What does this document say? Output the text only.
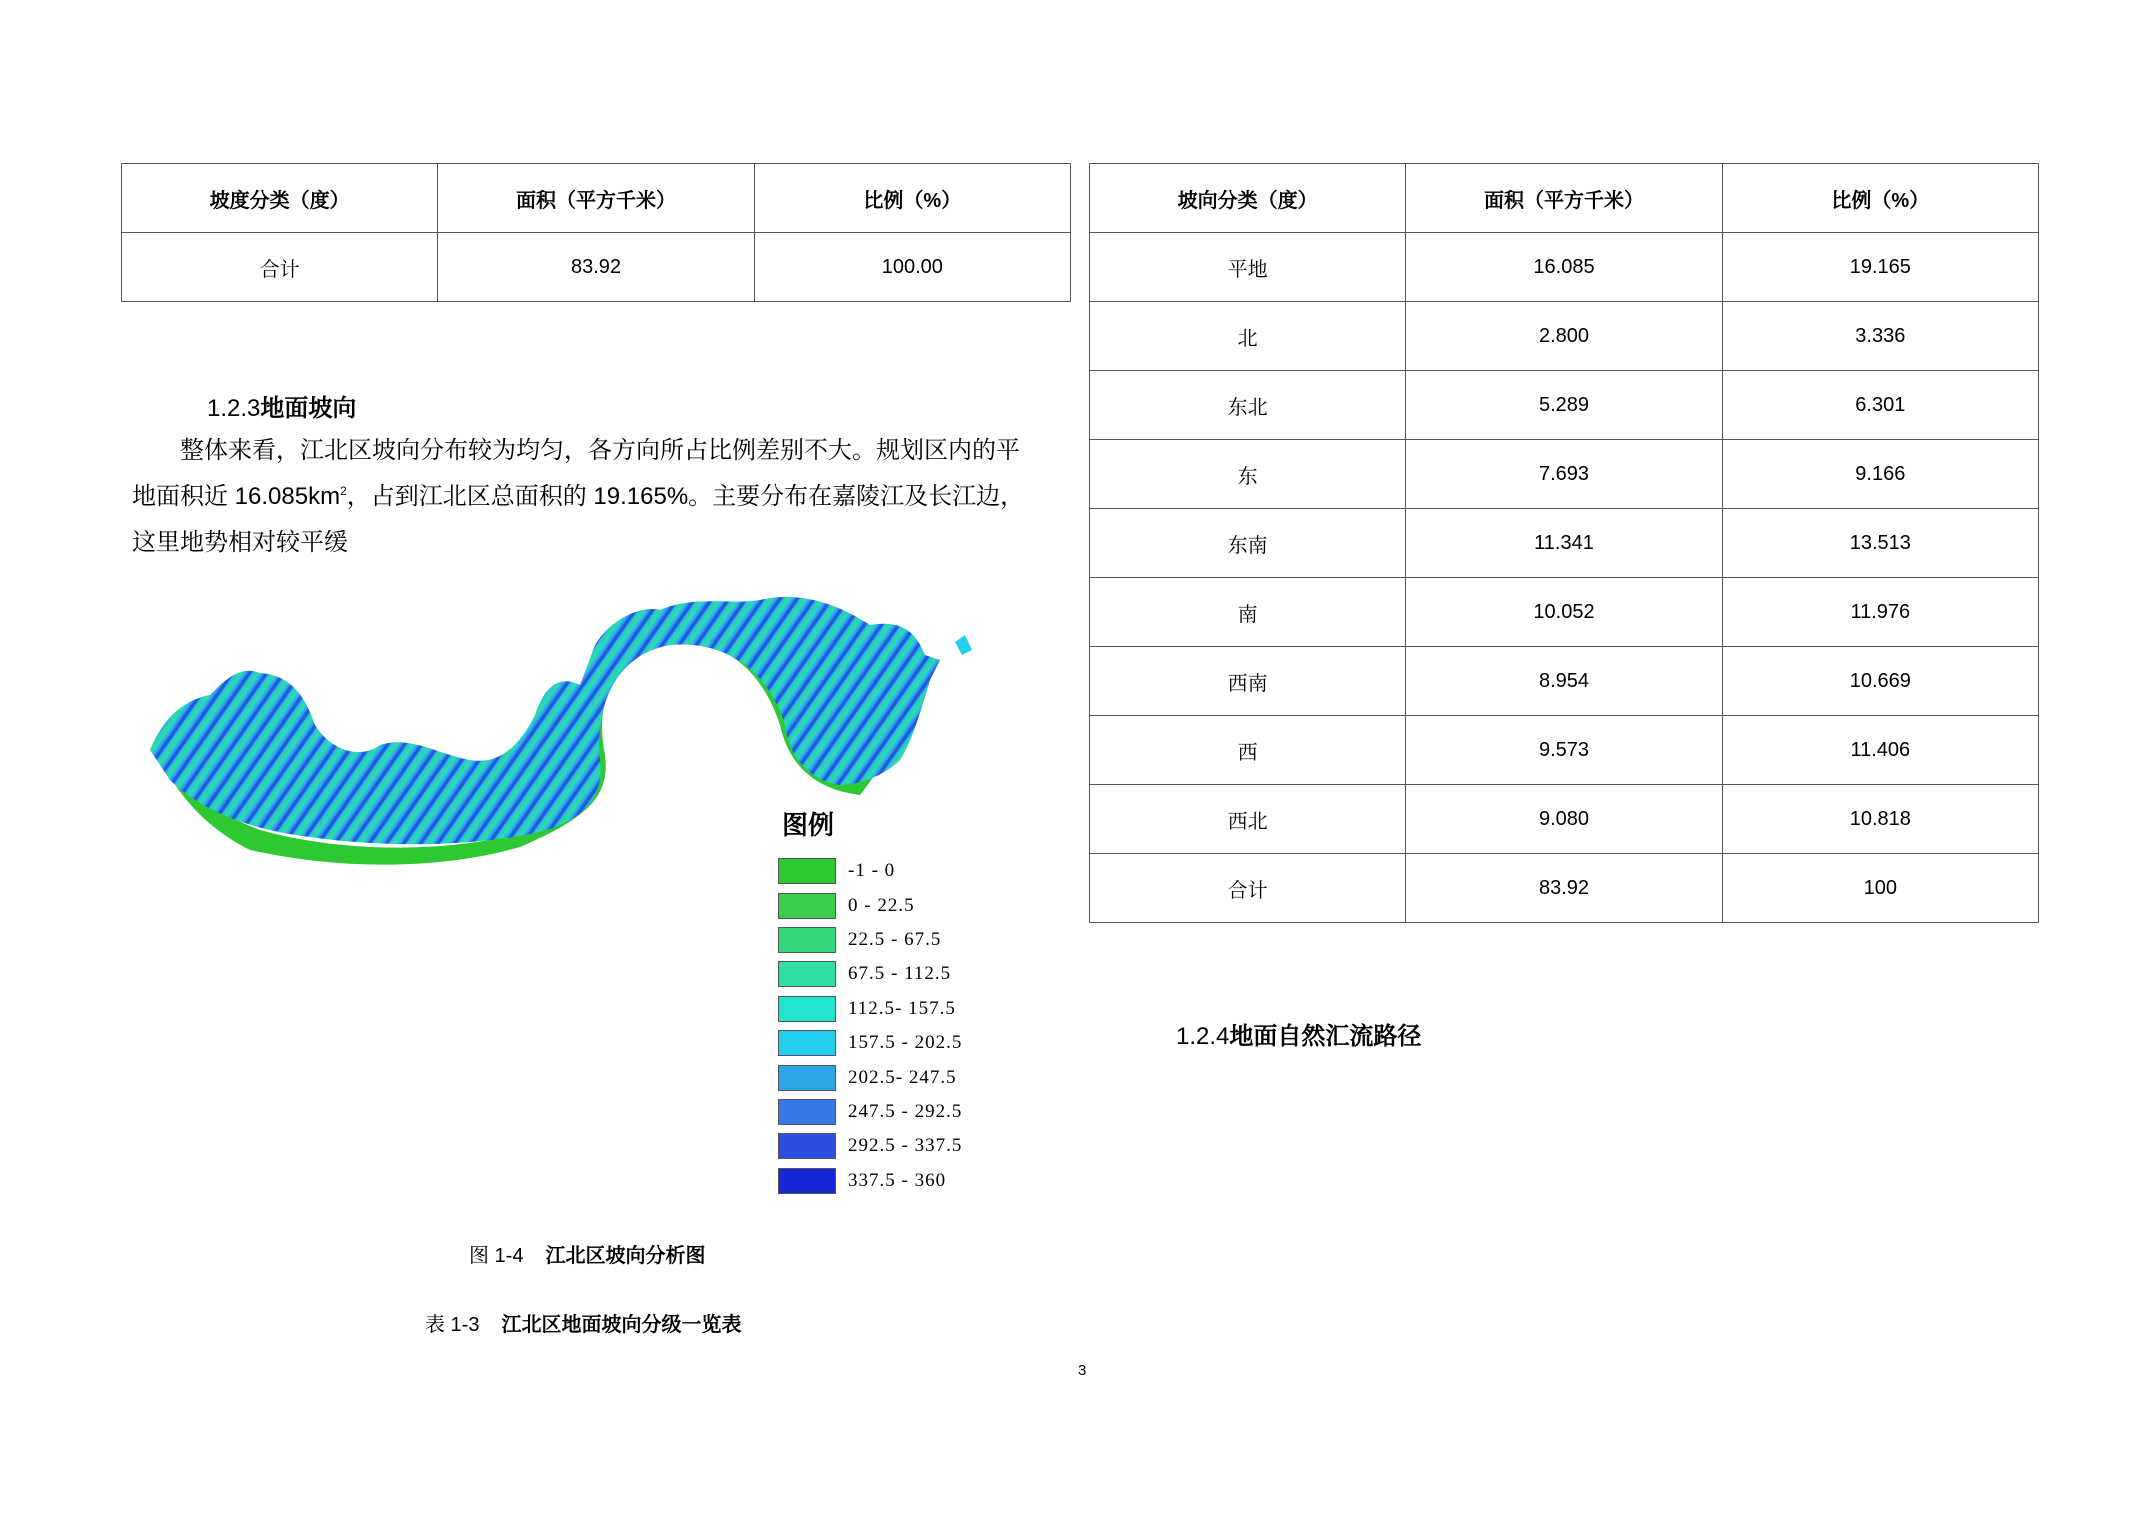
坡度分类（度）	面积（平方千米）	比例（%）
合计	83.92	100.00
坡向分类（度）	面积（平方千米）	比例（%）
平地	16.085	19.165
北	2.800	3.336
东北	5.289	6.301
东	7.693	9.166
东南	11.341	13.513
南	10.052	11.976
西南	8.954	10.669
西	9.573	11.406
西北	9.080	10.818
合计	83.92	100
1.2.3地面坡向
整体来看，江北区坡向分布较为均匀，各方向所占比例差别不大。规划区内的平
地面积近 $16.085km^2$，占到江北区总面积的 19.165%。主要分布在嘉陵江及长江边，
这里地势相对较平缓
图例
-1 - 0
0 - 22.5
22.5 - 67.5
67.5 - 112.5
112.5- 157.5
157.5 - 202.5
202.5- 247.5
247.5 - 292.5
292.5 - 337.5
337.5 - 360
图 1-4 江北区坡向分析图
表 1-3 江北区地面坡向分级一览表
1.2.4地面自然汇流路径
3
